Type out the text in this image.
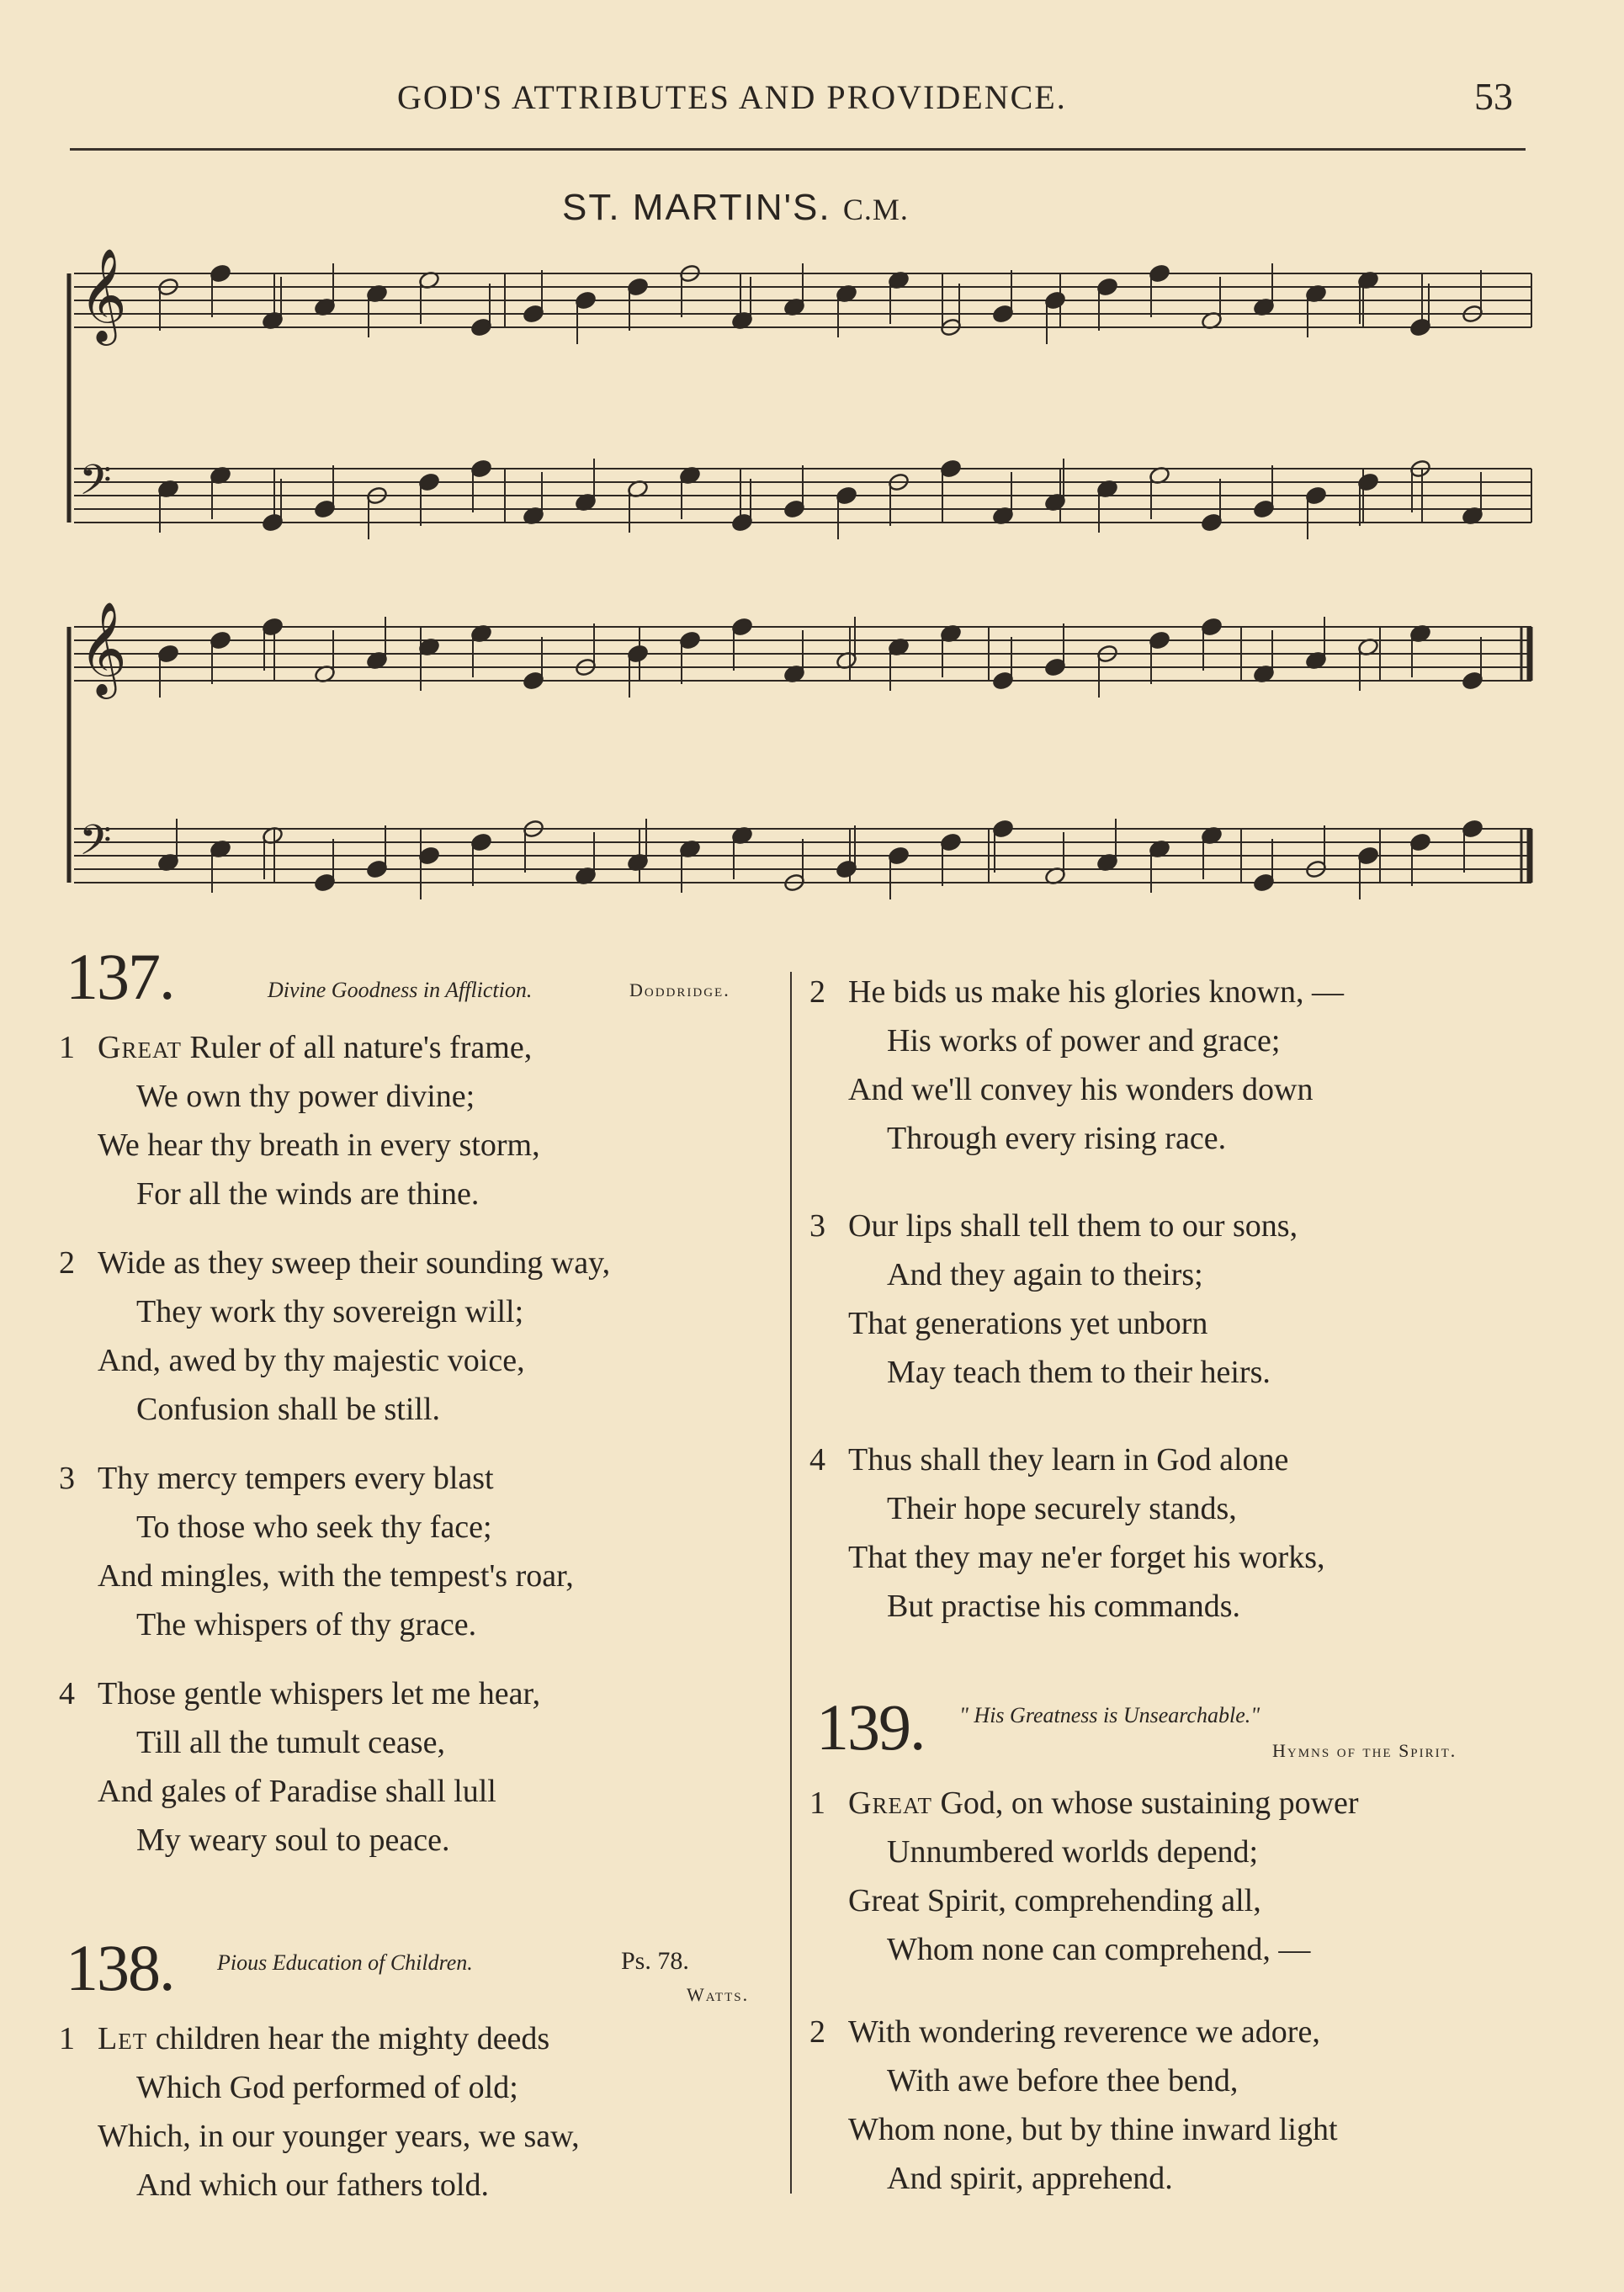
GOD'S ATTRIBUTES AND PROVIDENCE.	53
ST. MARTIN'S. C.M.
𝄞
𝄢
𝄞
𝄢
137.	Divine Goodness in Affliction.	Doddridge.
1 Great Ruler of all nature's frame,
We own thy power divine;
We hear thy breath in every storm,
For all the winds are thine.
2 Wide as they sweep their sounding way,
They work thy sovereign will;
And, awed by thy majestic voice,
Confusion shall be still.
3 Thy mercy tempers every blast
To those who seek thy face;
And mingles, with the tempest's roar,
The whispers of thy grace.
4 Those gentle whispers let me hear,
Till all the tumult cease,
And gales of Paradise shall lull
My weary soul to peace.
138. Pious Education of Children.	Ps. 78.
Watts.
1 Let children hear the mighty deeds
Which God performed of old;
Which, in our younger years, we saw,
And which our fathers told.
139. " His Greatness is Unsearchable."
Hymns of the Spirit.
1 Great God, on whose sustaining power
Unnumbered worlds depend;
Great Spirit, comprehending all,
Whom none can comprehend, —
2 With wondering reverence we adore,
With awe before thee bend,
Whom none, but by thine inward light
And spirit, apprehend.
2 He bids us make his glories known, —
His works of power and grace;
And we'll convey his wonders down
Through every rising race.
3 Our lips shall tell them to our sons,
And they again to theirs;
That generations yet unborn
May teach them to their heirs.
4 Thus shall they learn in God alone
Their hope securely stands,
That they may ne'er forget his works,
But practise his commands.
